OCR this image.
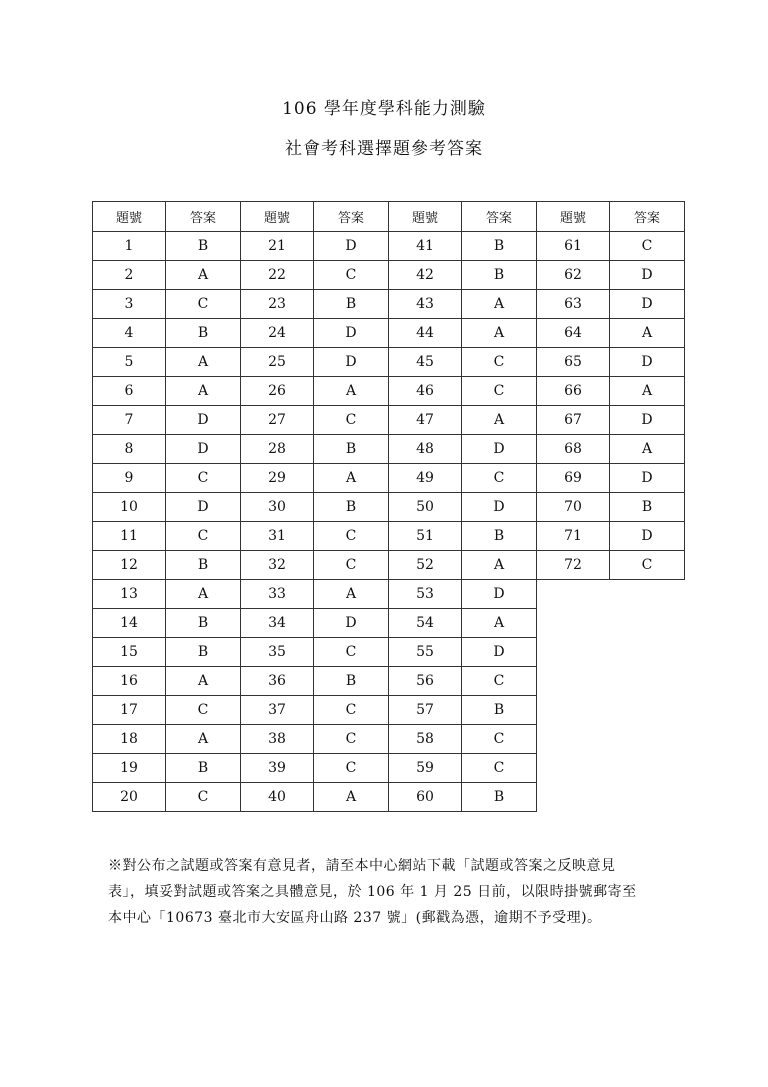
106 學年度學科能力測驗
社會考科選擇題參考答案
題號	答案	題號	答案	題號	答案	題號	答案
1	B	21	D	41	B	61	C
2	A	22	C	42	B	62	D
3	C	23	B	43	A	63	D
4	B	24	D	44	A	64	A
5	A	25	D	45	C	65	D
6	A	26	A	46	C	66	A
7	D	27	C	47	A	67	D
8	D	28	B	48	D	68	A
9	C	29	A	49	C	69	D
10	D	30	B	50	D	70	B
11	C	31	C	51	B	71	D
12	B	32	C	52	A	72	C
13	A	33	A	53	D		
14	B	34	D	54	A		
15	B	35	C	55	D		
16	A	36	B	56	C		
17	C	37	C	57	B		
18	A	38	C	58	C		
19	B	39	C	59	C		
20	C	40	A	60	B		

※對公布之試題或答案有意見者，請至本中心網站下載「試題或答案之反映意見

表」，填妥對試題或答案之具體意見，於 106 年 1 月 25 日前，以限時掛號郵寄至

本中心「10673 臺北市大安區舟山路 237 號」(郵戳為憑，逾期不予受理)。
